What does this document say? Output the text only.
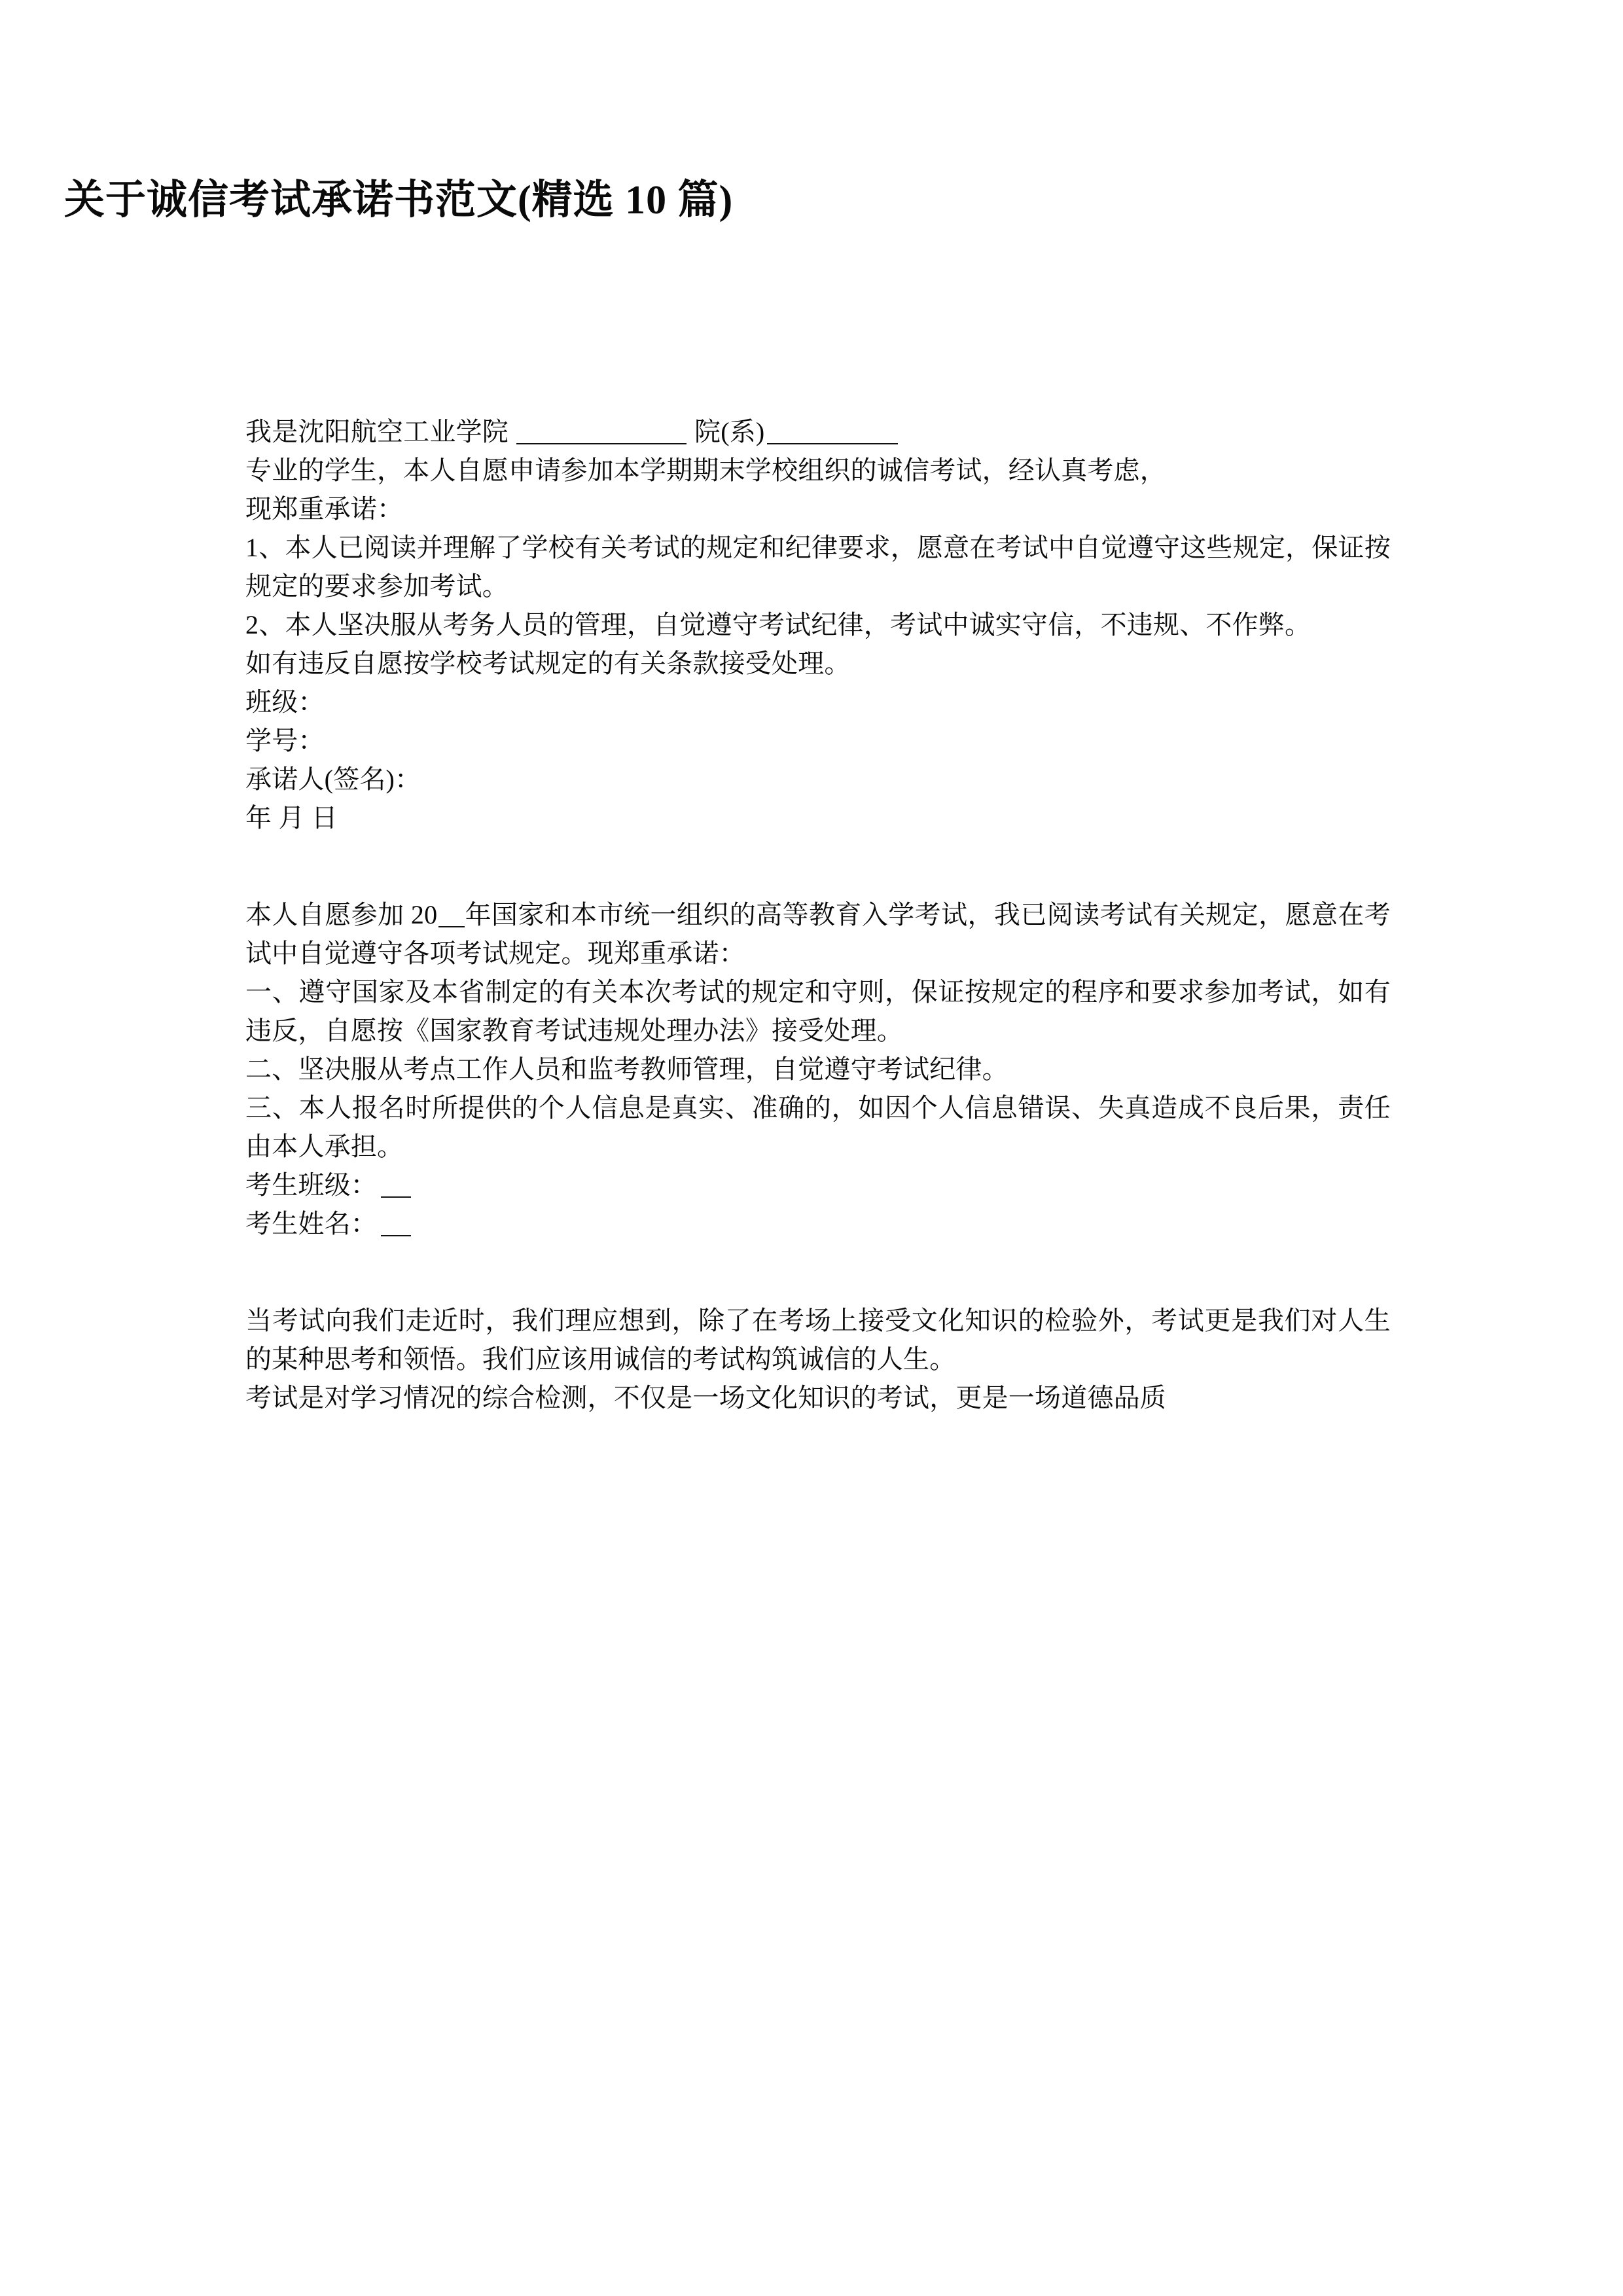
关于诚信考试承诺书范文(精选 10 篇)
我是沈阳航空工业学院	院(系)
专业的学生，本人自愿申请参加本学期期末学校组织的诚信考试，经认真考虑，
现郑重承诺：
1、本人已阅读并理解了学校有关考试的规定和纪律要求，愿意在考试中自觉遵守这些规定，保证按规定的要求参加考试。
2、本人坚决服从考务人员的管理，自觉遵守考试纪律，考试中诚实守信，不违规、不作弊。
如有违反自愿按学校考试规定的有关条款接受处理。
班级：
学号：
承诺人(签名)：
年 月 日
本人自愿参加 20 年国家和本市统一组织的高等教育入学考试，我已阅读考试有关规定，愿意在考试中自觉遵守各项考试规定。现郑重承诺：
一、遵守国家及本省制定的有关本次考试的规定和守则，保证按规定的程序和要求参加考试，如有违反，自愿按《国家教育考试违规处理办法》接受处理。
二、坚决服从考点工作人员和监考教师管理，自觉遵守考试纪律。
三、本人报名时所提供的个人信息是真实、准确的，如因个人信息错误、失真造成不良后果，责任由本人承担。
考生班级：
考生姓名：
当考试向我们走近时，我们理应想到，除了在考场上接受文化知识的检验外，考试更是我们对人生的某种思考和领悟。我们应该用诚信的考试构筑诚信的人生。
考试是对学习情况的综合检测，不仅是一场文化知识的考试，更是一场道德品质
